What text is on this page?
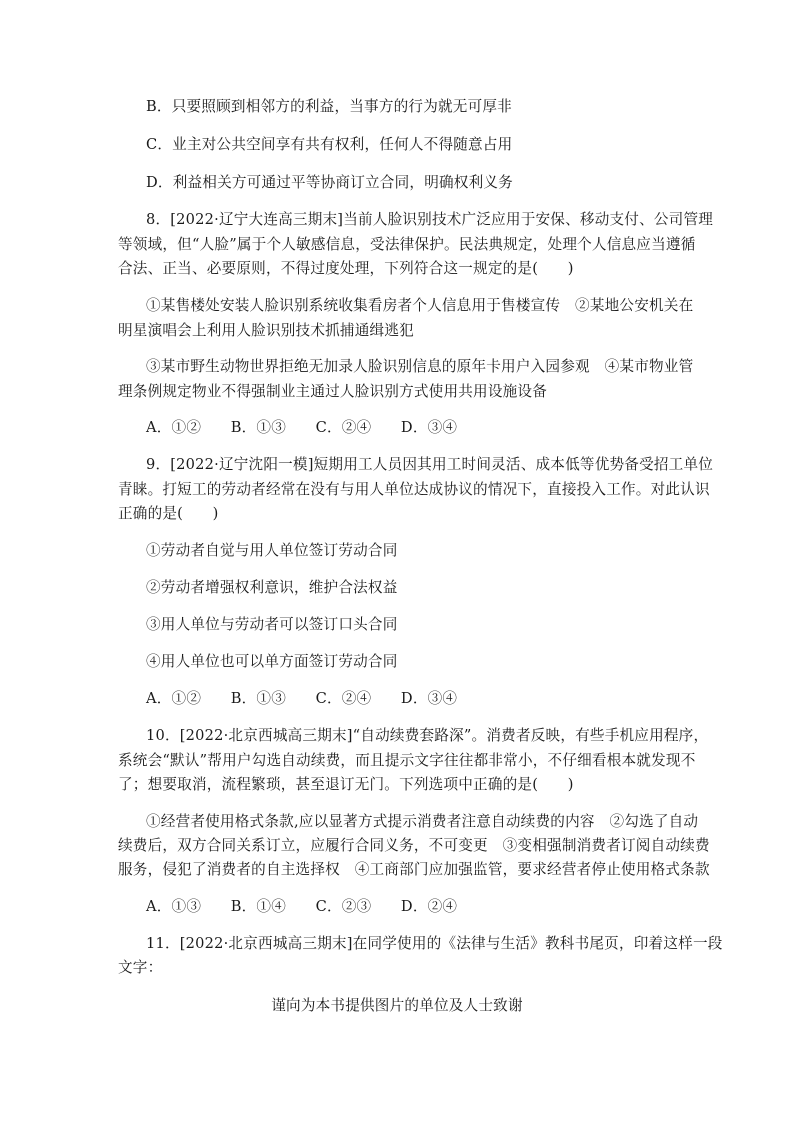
B．只要照顾到相邻方的利益，当事方的行为就无可厚非
C．业主对公共空间享有共有权利，任何人不得随意占用
D．利益相关方可通过平等协商订立合同，明确权利义务
8．[2022·辽宁大连高三期末]当前人脸识别技术广泛应用于安保、移动支付、公司管理
等领域，但“人脸”属于个人敏感信息，受法律保护。民法典规定，处理个人信息应当遵循
合法、正当、必要原则，不得过度处理，下列符合这一规定的是(　　)
①某售楼处安装人脸识别系统收集看房者个人信息用于售楼宣传　②某地公安机关在
明星演唱会上利用人脸识别技术抓捕通缉逃犯
③某市野生动物世界拒绝无加录人脸识别信息的原年卡用户入园参观　④某市物业管
理条例规定物业不得强制业主通过人脸识别方式使用共用设施设备
A．①②　　B．①③　　C．②④　　D．③④
9．[2022·辽宁沈阳一模]短期用工人员因其用工时间灵活、成本低等优势备受招工单位
青睐。打短工的劳动者经常在没有与用人单位达成协议的情况下，直接投入工作。对此认识
正确的是(　　)
①劳动者自觉与用人单位签订劳动合同
②劳动者增强权利意识，维护合法权益
③用人单位与劳动者可以签订口头合同
④用人单位也可以单方面签订劳动合同
A．①②　　B．①③　　C．②④　　D．③④
10．[2022·北京西城高三期末]“自动续费套路深”。消费者反映，有些手机应用程序，
系统会“默认”帮用户勾选自动续费，而且提示文字往往都非常小，不仔细看根本就发现不
了；想要取消，流程繁琐，甚至退订无门。下列选项中正确的是(　　)
①经营者使用格式条款,应以显著方式提示消费者注意自动续费的内容　②勾选了自动
续费后，双方合同关系订立，应履行合同义务，不可变更　③变相强制消费者订阅自动续费
服务，侵犯了消费者的自主选择权　④工商部门应加强监管，要求经营者停止使用格式条款
A．①③　　B．①④　　C．②③　　D．②④
11．[2022·北京西城高三期末]在同学使用的《法律与生活》教科书尾页，印着这样一段
文字：
谨向为本书提供图片的单位及人士致谢
